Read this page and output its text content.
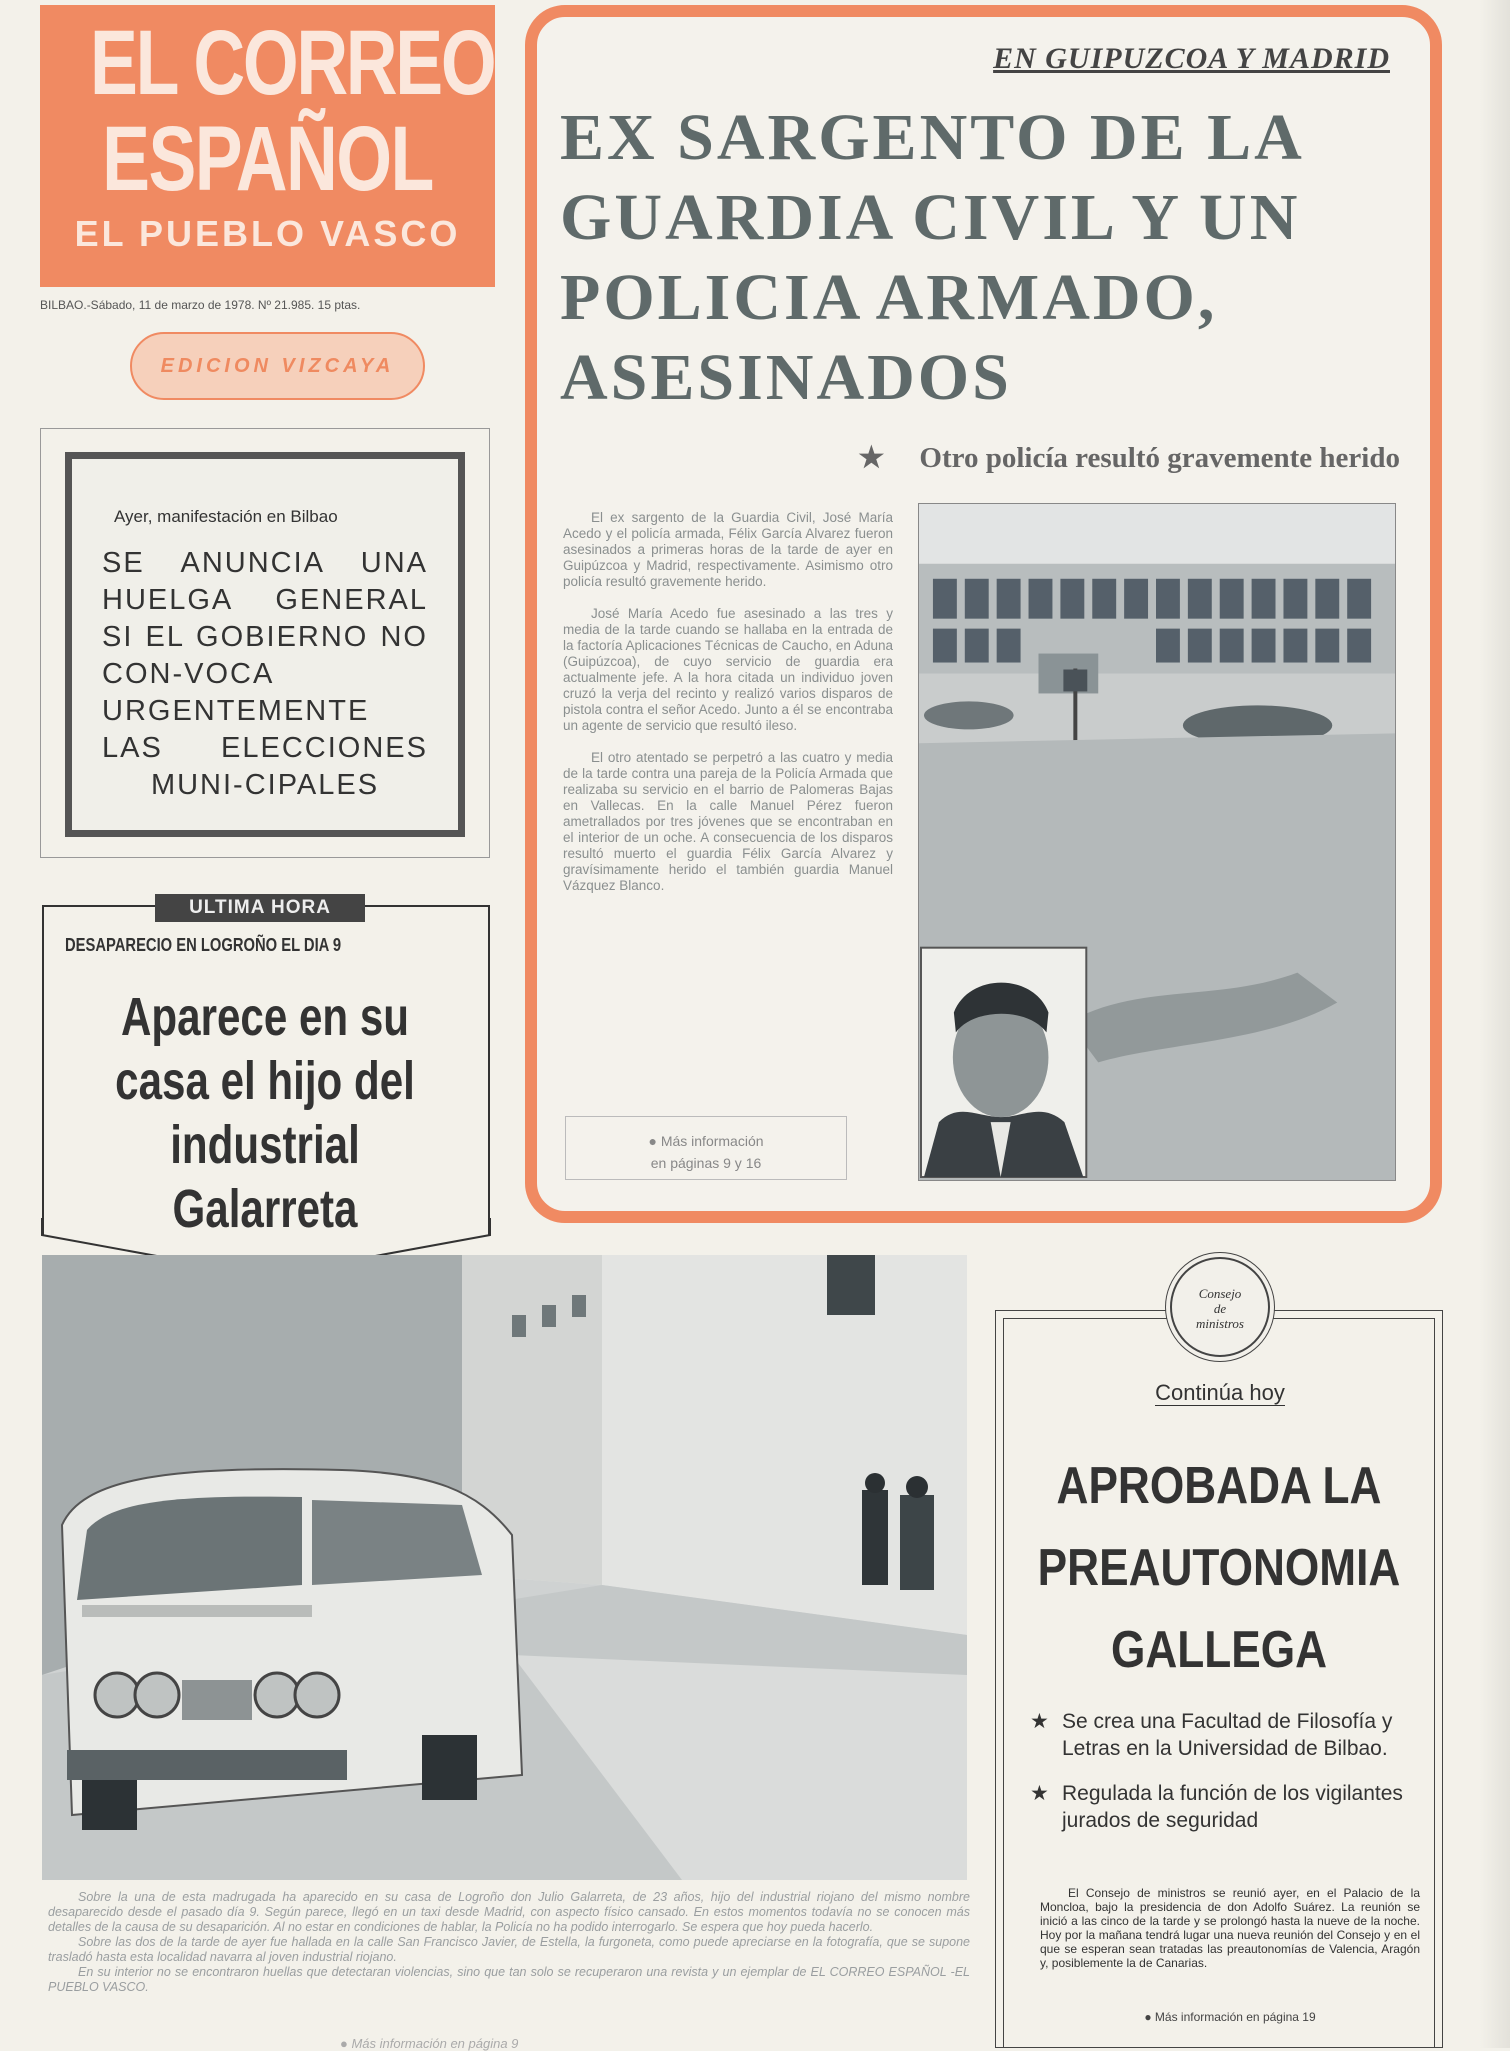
EL CORREO
ESPAÑOL
EL PUEBLO VASCO
BILBAO.-Sábado, 11 de marzo de 1978. Nº 21.985. 15 ptas.
EDICION VIZCAYA
Ayer, manifestación en Bilbao
SE ANUNCIA UNA HUELGA GENERAL SI EL GOBIERNO NO CON-VOCA URGENTEMENTE LAS ELECCIONES MUNI-CIPALES
ULTIMA HORA
DESAPARECIO EN LOGROÑO EL DIA 9
Aparece en su casa el hijo del industrial Galarreta
EN GUIPUZCOA Y MADRID
EX SARGENTO DE LA GUARDIA CIVIL Y UN POLICIA ARMADO, ASESINADOS
★ Otro policía resultó gravemente herido

El ex sargento de la Guardia Civil, José María Acedo y el policía armada, Félix García Alvarez fueron asesinados a primeras horas de la tarde de ayer en Guipúzcoa y Madrid, respectivamente. Asimismo otro policía resultó gravemente herido.

José María Acedo fue asesinado a las tres y media de la tarde cuando se hallaba en la entrada de la factoría Aplicaciones Técnicas de Caucho, en Aduna (Guipúzcoa), de cuyo servicio de guardia era actualmente jefe. A la hora citada un individuo joven cruzó la verja del recinto y realizó varios disparos de pistola contra el señor Acedo. Junto a él se encontraba un agente de servicio que resultó ileso.

El otro atentado se perpetró a las cuatro y media de la tarde contra una pareja de la Policía Armada que realizaba su servicio en el barrio de Palomeras Bajas en Vallecas. En la calle Manuel Pérez fueron ametrallados por tres jóvenes que se encontraban en el interior de un oche. A consecuencia de los disparos resultó muerto el guardia Félix García Alvarez y gravísimamente herido el también guardia Manuel Vázquez Blanco.

● Más información
en páginas 9 y 16

Sobre la una de esta madrugada ha aparecido en su casa de Logroño don Julio Galarreta, de 23 años, hijo del industrial riojano del mismo nombre desaparecido desde el pasado día 9. Según parece, llegó en un taxi desde Madrid, con aspecto físico cansado. En estos momentos todavía no se conocen más detalles de la causa de su desaparición. Al no estar en condiciones de hablar, la Policía no ha podido interrogarlo. Se espera que hoy pueda hacerlo.

Sobre las dos de la tarde de ayer fue hallada en la calle San Francisco Javier, de Estella, la furgoneta, como puede apreciarse en la fotografía, que se supone trasladó hasta esta localidad navarra al joven industrial riojano.

En su interior no se encontraron huellas que detectaran violencias, sino que tan solo se recuperaron una revista y un ejemplar de EL CORREO ESPAÑOL -EL PUEBLO VASCO.

● Más información en página 9
Consejo
de
ministros
Continúa hoy
APROBADA LA
PREAUTONOMIA
GALLEGA
★ Se crea una Facultad de Filosofía y Letras en la Universidad de Bilbao.
★ Regulada la función de los vigilantes jurados de seguridad

El Consejo de ministros se reunió ayer, en el Palacio de la Moncloa, bajo la presidencia de don Adolfo Suárez. La reunión se inició a las cinco de la tarde y se prolongó hasta la nueve de la noche. Hoy por la mañana tendrá lugar una nueva reunión del Consejo y en el que se esperan sean tratadas las preautonomías de Valencia, Aragón y, posiblemente la de Canarias.

● Más información en página 19
